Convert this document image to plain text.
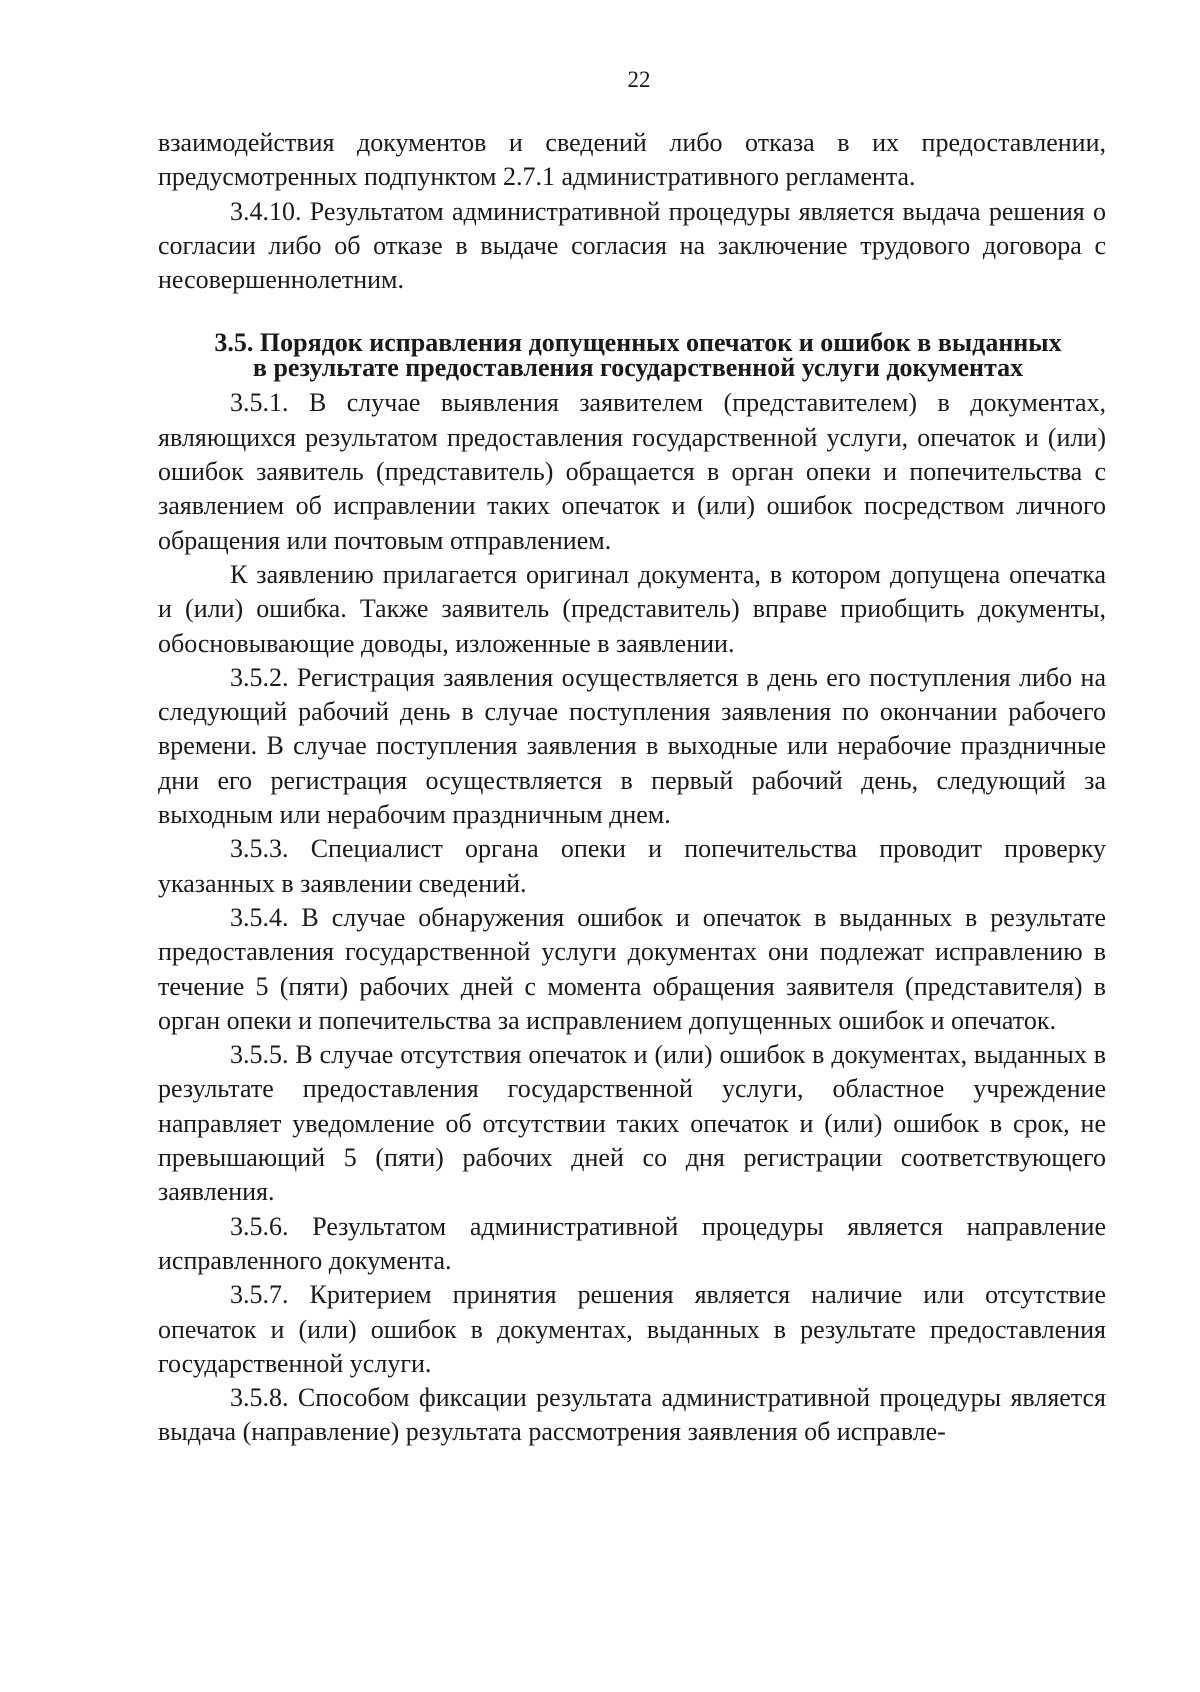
22

взаимодействия документов и сведений либо отказа в их предоставлении, предусмотренных подпунктом 2.7.1 административного регламента.

3.4.10. Результатом административной процедуры является выдача решения о согласии либо об отказе в выдаче согласия на заключение трудового договора с несовершеннолетним.

3.5. Порядок исправления допущенных опечаток и ошибок в выданных в результате предоставления государственной услуги документах

3.5.1. В случае выявления заявителем (представителем) в документах, являющихся результатом предоставления государственной услуги, опечаток и (или) ошибок заявитель (представитель) обращается в орган опеки и попечительства с заявлением об исправлении таких опечаток и (или) ошибок посредством личного обращения или почтовым отправлением.

К заявлению прилагается оригинал документа, в котором допущена опечатка и (или) ошибка. Также заявитель (представитель) вправе приобщить документы, обосновывающие доводы, изложенные в заявлении.

3.5.2. Регистрация заявления осуществляется в день его поступления либо на следующий рабочий день в случае поступления заявления по окончании рабочего времени. В случае поступления заявления в выходные или нерабочие праздничные дни его регистрация осуществляется в первый рабочий день, следующий за выходным или нерабочим праздничным днем.

3.5.3. Специалист органа опеки и попечительства проводит проверку указанных в заявлении сведений.

3.5.4. В случае обнаружения ошибок и опечаток в выданных в результате предоставления государственной услуги документах они подлежат исправлению в течение 5 (пяти) рабочих дней с момента обращения заявителя (представителя) в орган опеки и попечительства за исправлением допущенных ошибок и опечаток.

3.5.5. В случае отсутствия опечаток и (или) ошибок в документах, выданных в результате предоставления государственной услуги, областное учреждение направляет уведомление об отсутствии таких опечаток и (или) ошибок в срок, не превышающий 5 (пяти) рабочих дней со дня регистрации соответствующего заявления.

3.5.6. Результатом административной процедуры является направление исправленного документа.

3.5.7. Критерием принятия решения является наличие или отсутствие опечаток и (или) ошибок в документах, выданных в результате предоставления государственной услуги.

3.5.8. Способом фиксации результата административной процедуры является выдача (направление) результата рассмотрения заявления об исправле-
